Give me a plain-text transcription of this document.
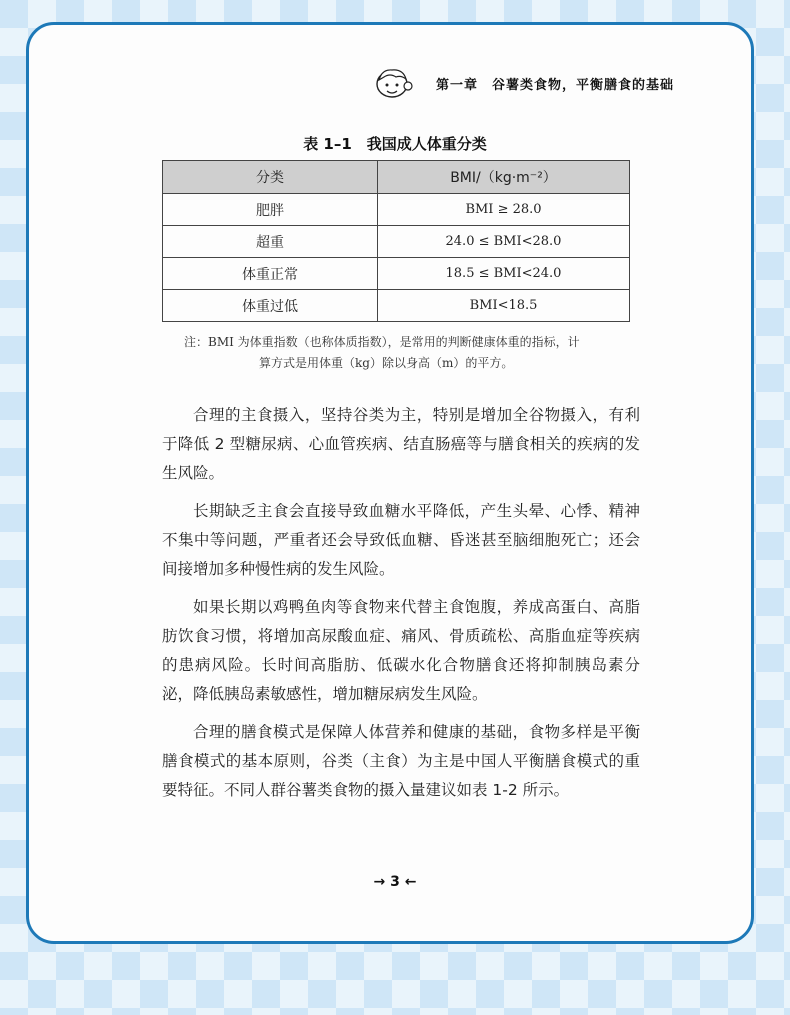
第一章　谷薯类食物，平衡膳食的基础
表 1–1　我国成人体重分类
分类	BMI/（kg·m⁻²）
肥胖	BMI ≥ 28.0
超重	24.0 ≤ BMI<28.0
体重正常	18.5 ≤ BMI<24.0
体重过低	BMI<18.5
注：BMI 为体重指数（也称体质指数），是常用的判断健康体重的指标，计
算方式是用体重（kg）除以身高（m）的平方。

合理的主食摄入，坚持谷类为主，特别是增加全谷物摄入，有利于降低 2 型糖尿病、心血管疾病、结直肠癌等与膳食相关的疾病的发生风险。

长期缺乏主食会直接导致血糖水平降低，产生头晕、心悸、精神不集中等问题，严重者还会导致低血糖、昏迷甚至脑细胞死亡；还会间接增加多种慢性病的发生风险。

如果长期以鸡鸭鱼肉等食物来代替主食饱腹，养成高蛋白、高脂肪饮食习惯，将增加高尿酸血症、痛风、骨质疏松、高脂血症等疾病的患病风险。长时间高脂肪、低碳水化合物膳食还将抑制胰岛素分泌，降低胰岛素敏感性，增加糖尿病发生风险。

合理的膳食模式是保障人体营养和健康的基础，食物多样是平衡膳食模式的基本原则，谷类（主食）为主是中国人平衡膳食模式的重要特征。不同人群谷薯类食物的摄入量建议如表 1-2 所示。

→ 3 ←
